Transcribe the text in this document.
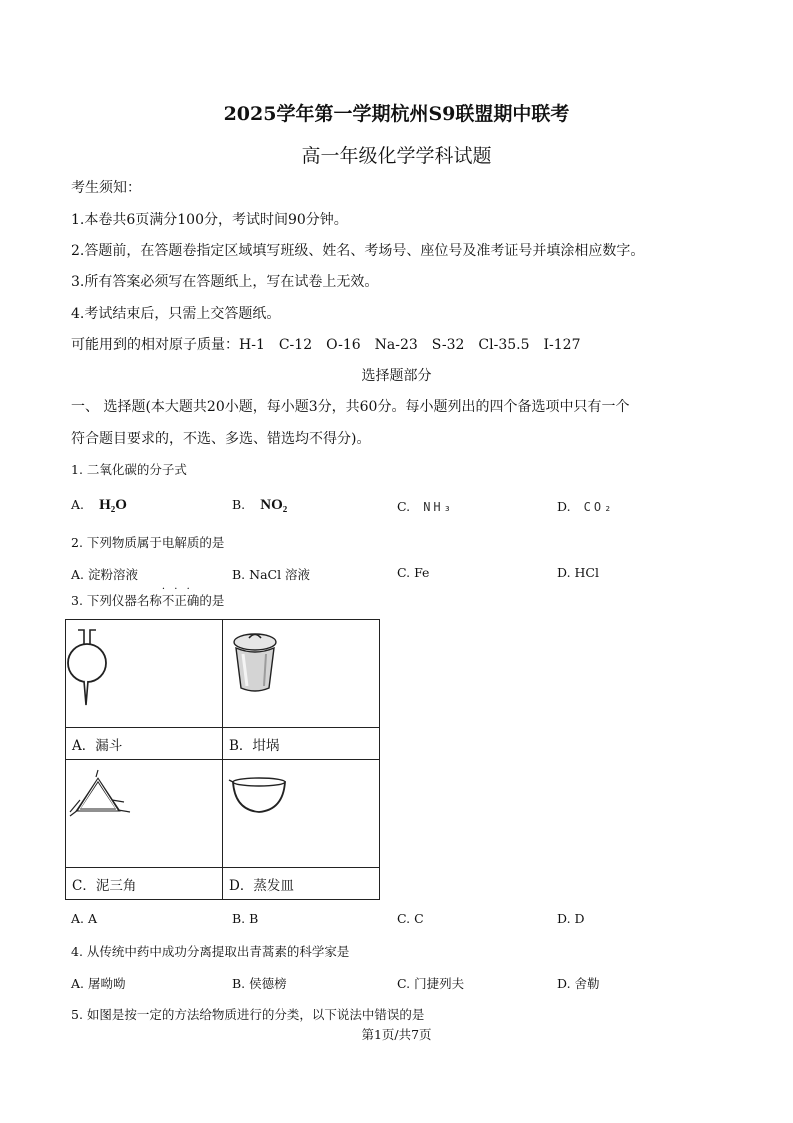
2025学年第一学期杭州S9联盟期中联考
高一年级化学学科试题
考生须知：
1.本卷共6页满分100分，考试时间90分钟。
2.答题前，在答题卷指定区域填写班级、姓名、考场号、座位号及准考证号并填涂相应数字。
3.所有答案必须写在答题纸上，写在试卷上无效。
4.考试结束后，只需上交答题纸。
可能用到的相对原子质量：H-1　C-12　O-16　Na-23　S-32　Cl-35.5　I-127
选择题部分
一、 选择题(本大题共20小题，每小题3分，共60分。每小题列出的四个备选项中只有一个
符合题目要求的，不选、多选、错选均不得分)。
1. 二氧化碳的分子式
A. H₂O	B. NO₂	C. NH₃	D. CO₂
2. 下列物质属于电解质的是
A. 淀粉溶液	B. NaCl 溶液	C. Fe	D. HCl
3. 下列仪器名称
· · ·
不正确的是

A．漏斗	B．坩埚

C．泥三角	D．蒸发皿
A. A	B. B	C. C	D. D
4. 从传统中药中成功分离提取出青蒿素的科学家是
A. 屠呦呦	B. 侯德榜	C. 门捷列夫	D. 舍勒
5. 如图是按一定的方法给物质进行的分类，以下说法中错误的是
第1页/共7页
